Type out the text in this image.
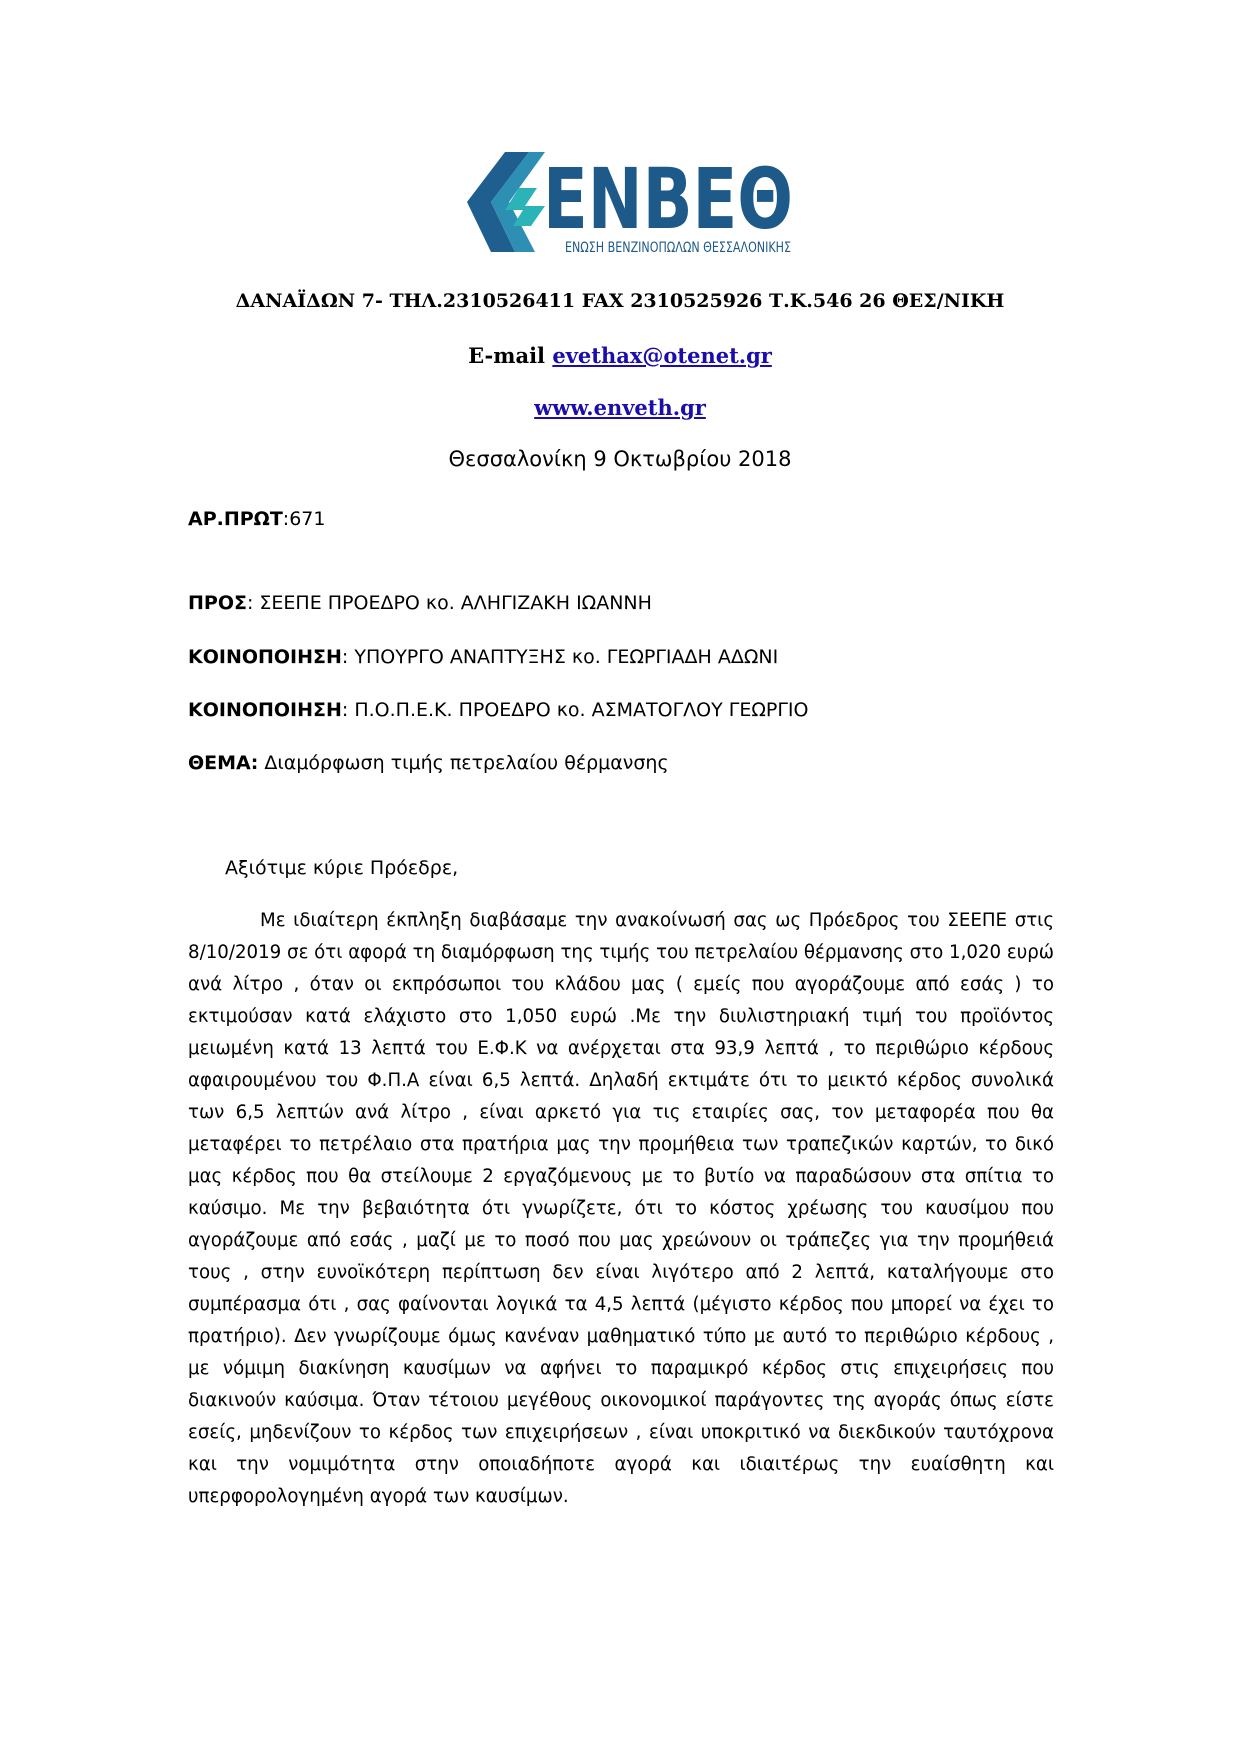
ΕΝΒΕΘ
ΕΝΩΣΗ ΒΕΝΖΙΝΟΠΩΛΩΝ ΘΕΣΣΑΛΟΝΙΚΗΣ
ΔΑΝΑΪΔΩΝ 7- ΤΗΛ.2310526411 FAX 2310525926 Τ.Κ.546 26 ΘΕΣ/ΝΙΚΗ
E-mail evethax@otenet.gr
www.enveth.gr
Θεσσαλονίκη 9 Οκτωβρίου 2018
ΑΡ.ΠΡΩΤ:671
ΠΡΟΣ: ΣΕΕΠΕ ΠΡΟΕΔΡΟ κο. ΑΛΗΓΙΖΑΚΗ ΙΩΑΝΝΗ
ΚΟΙΝΟΠΟΙΗΣΗ: ΥΠΟΥΡΓΟ ΑΝΑΠΤΥΞΗΣ κο. ΓΕΩΡΓΙΑΔΗ ΑΔΩΝΙ
ΚΟΙΝΟΠΟΙΗΣΗ: Π.Ο.Π.Ε.Κ. ΠΡΟΕΔΡΟ κο. ΑΣΜΑΤΟΓΛΟΥ ΓΕΩΡΓΙΟ
ΘΕΜΑ: Διαμόρφωση τιμής πετρελαίου θέρμανσης
Αξιότιμε κύριε Πρόεδρε,
Με ιδιαίτερη έκπληξη διαβάσαμε την ανακοίνωσή σας ως Πρόεδρος του ΣΕΕΠΕ στις 8/10/2019 σε ότι αφορά τη διαμόρφωση της τιμής του πετρελαίου θέρμανσης στο 1,020 ευρώ ανά λίτρο , όταν οι εκπρόσωποι του κλάδου μας ( εμείς που αγοράζουμε από εσάς ) το εκτιμούσαν κατά ελάχιστο στο 1,050 ευρώ .Με την διυλιστηριακή τιμή του προϊόντος μειωμένη κατά 13 λεπτά του Ε.Φ.Κ να ανέρχεται στα 93,9 λεπτά , το περιθώριο κέρδους αφαιρουμένου του Φ.Π.Α είναι 6,5 λεπτά. Δηλαδή εκτιμάτε ότι το μεικτό κέρδος συνολικά των 6,5 λεπτών ανά λίτρο , είναι αρκετό για τις εταιρίες σας, τον μεταφορέα που θα μεταφέρει το πετρέλαιο στα πρατήρια μας την προμήθεια των τραπεζικών καρτών, το δικό μας κέρδος που θα στείλουμε 2 εργαζόμενους με το βυτίο να παραδώσουν στα σπίτια το καύσιμο. Με την βεβαιότητα ότι γνωρίζετε, ότι το κόστος χρέωσης του καυσίμου που αγοράζουμε από εσάς , μαζί με το ποσό που μας χρεώνουν οι τράπεζες για την προμήθειά τους , στην ευνοϊκότερη περίπτωση δεν είναι λιγότερο από 2 λεπτά, καταλήγουμε στο συμπέρασμα ότι , σας φαίνονται λογικά τα 4,5 λεπτά (μέγιστο κέρδος που μπορεί να έχει το πρατήριο). Δεν γνωρίζουμε όμως κανέναν μαθηματικό τύπο με αυτό το περιθώριο κέρδους , με νόμιμη διακίνηση καυσίμων να αφήνει το παραμικρό κέρδος στις επιχειρήσεις που διακινούν καύσιμα. Όταν τέτοιου μεγέθους οικονομικοί παράγοντες της αγοράς όπως είστε εσείς, μηδενίζουν το κέρδος των επιχειρήσεων , είναι υποκριτικό να διεκδικούν ταυτόχρονα και την νομιμότητα στην οποιαδήποτε αγορά και ιδιαιτέρως την ευαίσθητη και υπερφορολογημένη αγορά των καυσίμων.
